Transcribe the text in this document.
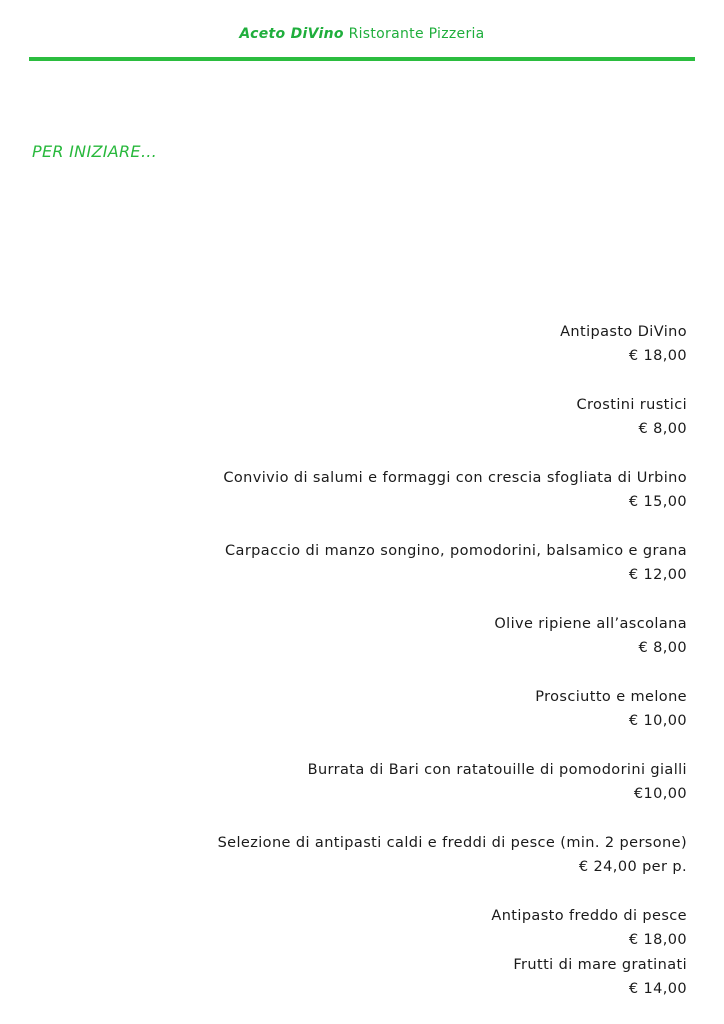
Aceto DiVino Ristorante Pizzeria
PER INIZIARE…
Antipasto DiVino
€ 18,00
Crostini rustici
€ 8,00
Convivio di salumi e formaggi con crescia sfogliata di Urbino
€ 15,00
Carpaccio di manzo songino, pomodorini, balsamico e grana
€ 12,00
Olive ripiene all’ascolana
€ 8,00
Prosciutto e melone
€ 10,00
Burrata di Bari con ratatouille di pomodorini gialli
€10,00
Selezione di antipasti caldi e freddi di pesce (min. 2 persone)
€ 24,00 per p.
Antipasto freddo di pesce
€ 18,00
Frutti di mare gratinati
€ 14,00
